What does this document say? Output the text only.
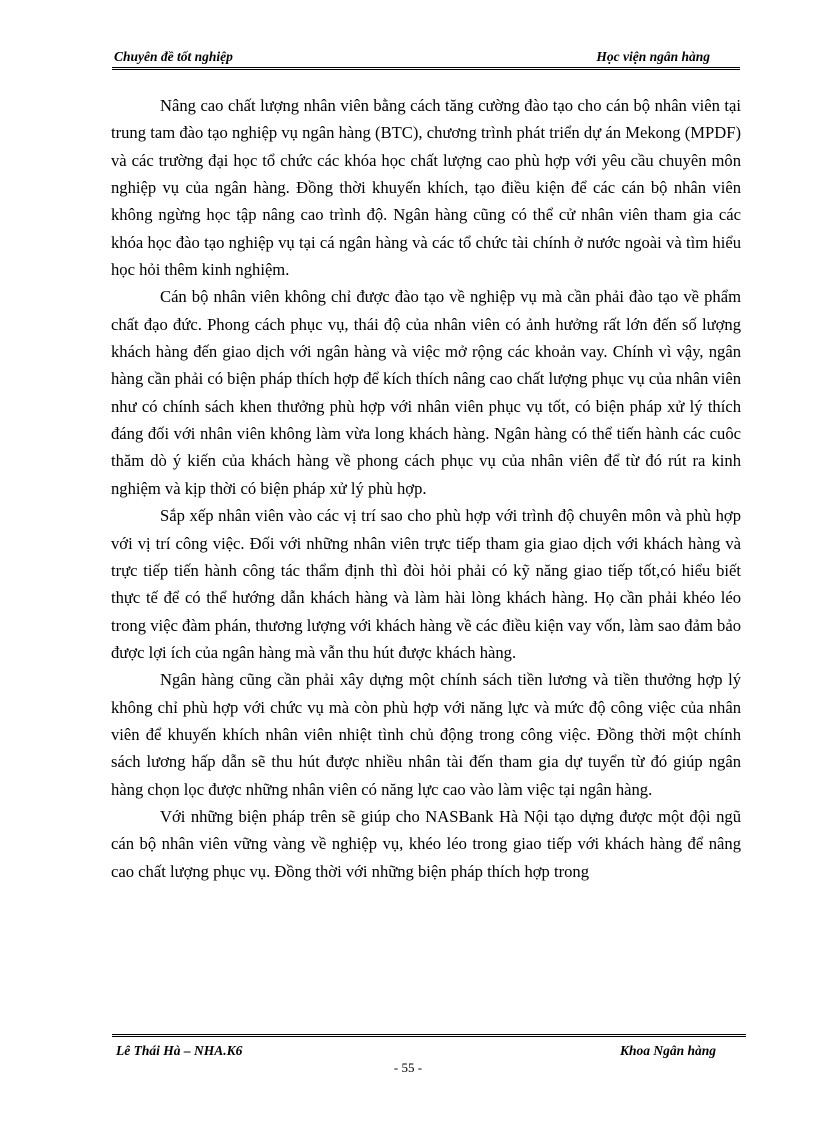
Chuyên đề tốt nghiệp	Học viện ngân hàng

Nâng cao chất lượng nhân viên bằng cách tăng cường đào tạo cho cán bộ nhân viên tại trung tam đào tạo nghiệp vụ ngân hàng (BTC), chương trình phát triển dự án Mekong (MPDF) và các trường đại học tổ chức các khóa học chất lượng cao phù hợp với yêu cầu chuyên môn nghiệp vụ của ngân hàng. Đồng thời khuyến khích, tạo điều kiện để các cán bộ nhân viên không ngừng học tập nâng cao trình độ. Ngân hàng cũng có thể cử nhân viên tham gia các khóa học đào tạo nghiệp vụ tại cá ngân hàng và các tổ chức tài chính ở nước ngoài và tìm hiểu học hỏi thêm kinh nghiệm.

Cán bộ nhân viên không chỉ được đào tạo về nghiệp vụ mà cần phải đào tạo về phẩm chất đạo đức. Phong cách phục vụ, thái độ của nhân viên có ảnh hưởng rất lớn đến số lượng khách hàng đến giao dịch với ngân hàng và việc mở rộng các khoản vay. Chính vì vậy, ngân hàng cần phải có biện pháp thích hợp để kích thích nâng cao chất lượng phục vụ của nhân viên như có chính sách khen thưởng phù hợp với nhân viên phục vụ tốt, có biện pháp xử lý thích đáng đối với nhân viên không làm vừa long khách hàng. Ngân hàng có thể tiến hành các cuôc thăm dò ý kiến của khách hàng về phong cách phục vụ của nhân viên để từ đó rút ra kinh nghiệm và kịp thời có biện pháp xử lý phù hợp.

Sắp xếp nhân viên vào các vị trí sao cho phù hợp với trình độ chuyên môn và phù hợp với vị trí công việc. Đối với những nhân viên trực tiếp tham gia giao dịch với khách hàng và trực tiếp tiến hành công tác thẩm định thì đòi hỏi phải có kỹ năng giao tiếp tốt,có hiểu biết thực tế để có thể hướng dẫn khách hàng và làm hài lòng khách hàng. Họ cần phải khéo léo trong việc đàm phán, thương lượng với khách hàng về các điều kiện vay vốn, làm sao đảm bảo được lợi ích của ngân hàng mà vẫn thu hút được khách hàng.

Ngân hàng cũng cần phải xây dựng một chính sách tiền lương và tiền thưởng hợp lý không chỉ phù hợp với chức vụ mà còn phù hợp với năng lực và mức độ công việc của nhân viên để khuyến khích nhân viên nhiệt tình chủ động trong công việc. Đồng thời một chính sách lương hấp dẫn sẽ thu hút được nhiều nhân tài đến tham gia dự tuyển từ đó giúp ngân hàng chọn lọc được những nhân viên có năng lực cao vào làm việc tại ngân hàng.

Với những biện pháp trên sẽ giúp cho NASBank Hà Nội tạo dựng được một đội ngũ cán bộ nhân viên vững vàng về nghiệp vụ, khéo léo trong giao tiếp với khách hàng để nâng cao chất lượng phục vụ. Đồng thời với những biện pháp thích hợp trong

Lê Thái Hà – NHA.K6	Khoa Ngân hàng
- 55 -
